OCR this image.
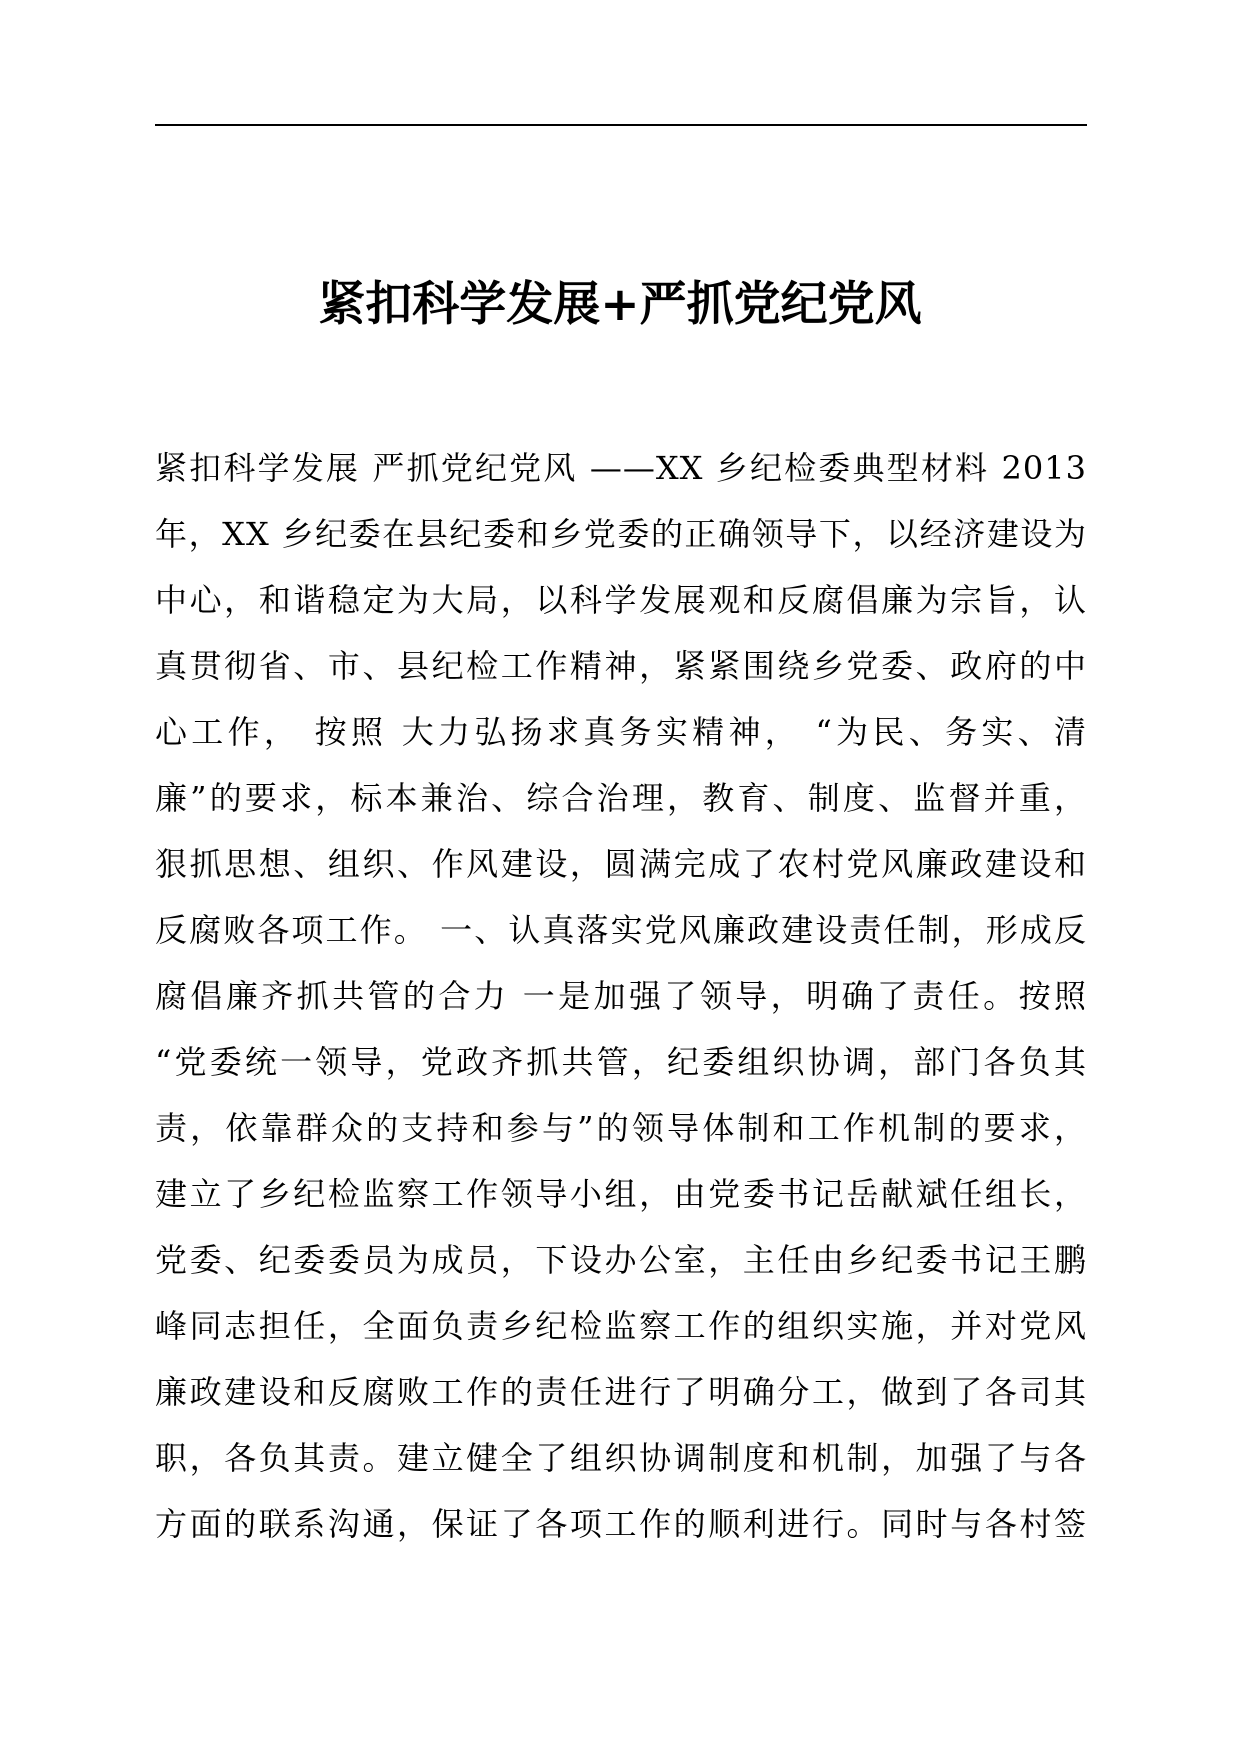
紧扣科学发展+严抓党纪党风
紧扣科学发展 严抓党纪党风 ——XX 乡纪检委典型材料 2013
年，XX 乡纪委在县纪委和乡党委的正确领导下，以经济建设为
中心，和谐稳定为大局，以科学发展观和反腐倡廉为宗旨，认
真贯彻省、市、县纪检工作精神，紧紧围绕乡党委、政府的中
心工作， 按照 大力弘扬求真务实精神， “为民、务实、清
廉”的要求，标本兼治、综合治理，教育、制度、监督并重，
狠抓思想、组织、作风建设，圆满完成了农村党风廉政建设和
反腐败各项工作。 一、认真落实党风廉政建设责任制，形成反
腐倡廉齐抓共管的合力 一是加强了领导，明确了责任。按照
“党委统一领导，党政齐抓共管，纪委组织协调，部门各负其
责，依靠群众的支持和参与”的领导体制和工作机制的要求，
建立了乡纪检监察工作领导小组，由党委书记岳献斌任组长，
党委、纪委委员为成员，下设办公室，主任由乡纪委书记王鹏
峰同志担任，全面负责乡纪检监察工作的组织实施，并对党风
廉政建设和反腐败工作的责任进行了明确分工，做到了各司其
职，各负其责。建立健全了组织协调制度和机制，加强了与各
方面的联系沟通，保证了各项工作的顺利进行。同时与各村签
